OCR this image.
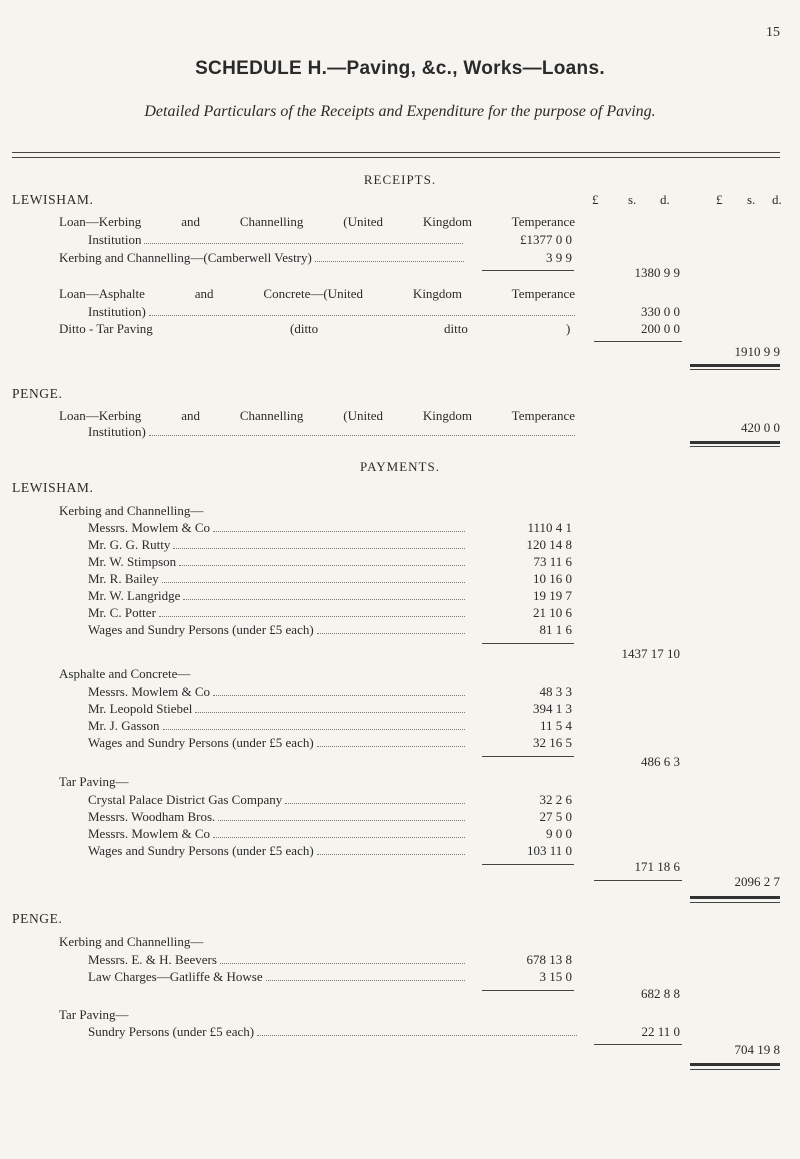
15
SCHEDULE H.—Paving, &c., Works—Loans.
Detailed Particulars of the Receipts and Expenditure for the purpose of Paving.
RECEIPTS.
LEWISHAM.	£ s. d.	£ s. d.
Loan—Kerbing and Channelling (United Kingdom Temperance
Institution	£1377 0 0
Kerbing and Channelling—(Camberwell Vestry)	3 9 9
1380 9 9
Loan—Asphalte and Concrete—(United Kingdom Temperance
Institution)	330 0 0
Ditto - Tar Paving	(ditto	ditto	)	200 0 0
1910 9 9
PENGE.
Loan—Kerbing and Channelling (United Kingdom Temperance
Institution)	420 0 0
PAYMENTS.
LEWISHAM.
Kerbing and Channelling—
Messrs. Mowlem & Co	1110 4 1
Mr. G. G. Rutty	120 14 8
Mr. W. Stimpson	73 11 6
Mr. R. Bailey	10 16 0
Mr. W. Langridge	19 19 7
Mr. C. Potter	21 10 6
Wages and Sundry Persons (under £5 each)	81 1 6
1437 17 10
Asphalte and Concrete—
Messrs. Mowlem & Co	48 3 3
Mr. Leopold Stiebel	394 1 3
Mr. J. Gasson	11 5 4
Wages and Sundry Persons (under £5 each)	32 16 5
486 6 3
Tar Paving—
Crystal Palace District Gas Company	32 2 6
Messrs. Woodham Bros.	27 5 0
Messrs. Mowlem & Co	9 0 0
Wages and Sundry Persons (under £5 each)	103 11 0
171 18 6
2096 2 7
PENGE.
Kerbing and Channelling—
Messrs. E. & H. Beevers	678 13 8
Law Charges—Gatliffe & Howse	3 15 0
682 8 8
Tar Paving—
Sundry Persons (under £5 each)	22 11 0
704 19 8
